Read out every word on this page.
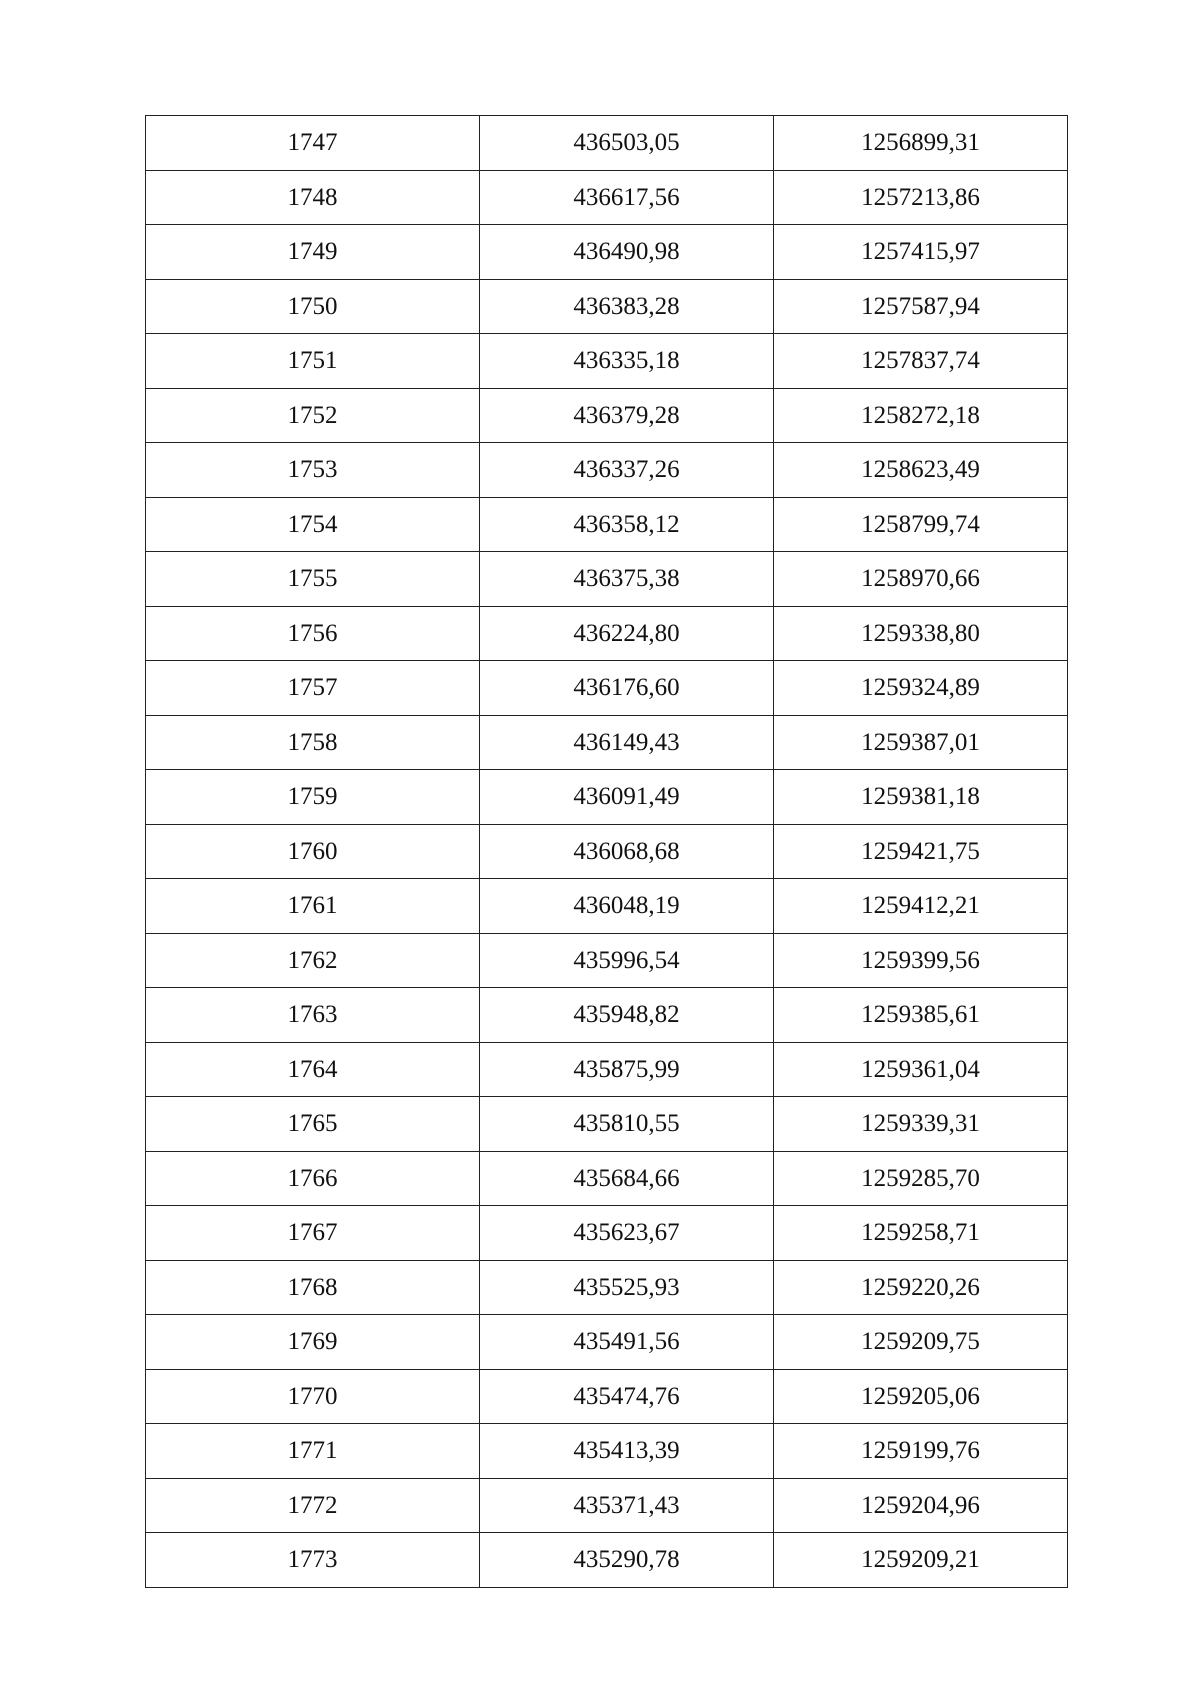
1747	436503,05	1256899,31
1748	436617,56	1257213,86
1749	436490,98	1257415,97
1750	436383,28	1257587,94
1751	436335,18	1257837,74
1752	436379,28	1258272,18
1753	436337,26	1258623,49
1754	436358,12	1258799,74
1755	436375,38	1258970,66
1756	436224,80	1259338,80
1757	436176,60	1259324,89
1758	436149,43	1259387,01
1759	436091,49	1259381,18
1760	436068,68	1259421,75
1761	436048,19	1259412,21
1762	435996,54	1259399,56
1763	435948,82	1259385,61
1764	435875,99	1259361,04
1765	435810,55	1259339,31
1766	435684,66	1259285,70
1767	435623,67	1259258,71
1768	435525,93	1259220,26
1769	435491,56	1259209,75
1770	435474,76	1259205,06
1771	435413,39	1259199,76
1772	435371,43	1259204,96
1773	435290,78	1259209,21
